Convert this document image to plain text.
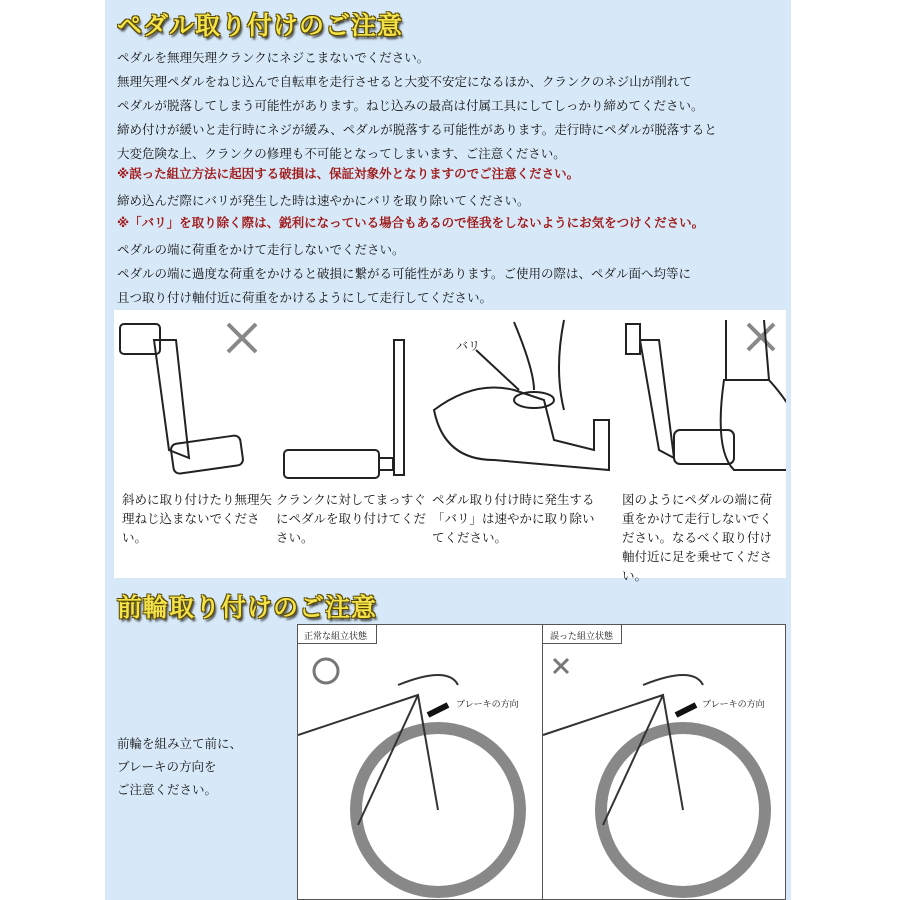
ペダル取り付けのご注意
ペダルを無理矢理クランクにネジこまないでください。
無理矢理ペダルをねじ込んで自転車を走行させると大変不安定になるほか、クランクのネジ山が削れて
ペダルが脱落してしまう可能性があります。ねじ込みの最高は付属工具にしてしっかり締めてください。
締め付けが緩いと走行時にネジが緩み、ペダルが脱落する可能性があります。走行時にペダルが脱落すると
大変危険な上、クランクの修理も不可能となってしまいます、ご注意ください。
※誤った組立方法に起因する破損は、保証対象外となりますのでご注意ください。
締め込んだ際にバリが発生した時は速やかにバリを取り除いてください。
※「バリ」を取り除く際は、鋭利になっている場合もあるので怪我をしないようにお気をつけください。
ペダルの端に荷重をかけて走行しないでください。
ペダルの端に過度な荷重をかけると破損に繋がる可能性があります。ご使用の際は、ペダル面へ均等に
且つ取り付け軸付近に荷重をかけるようにして走行してください。
バリ
斜めに取り付けたり無理矢理ねじ込まないでください。
クランクに対してまっすぐにペダルを取り付けてください。
ペダル取り付け時に発生する「バリ」は速やかに取り除いてください。
図のようにペダルの端に荷重をかけて走行しないでください。なるべく取り付け軸付近に足を乗せてください。
前輪取り付けのご注意
前輪を組み立て前に、
ブレーキの方向を
ご注意ください。
正常な組立状態	誤った組立状態
ブレーキの方向	ブレーキの方向
